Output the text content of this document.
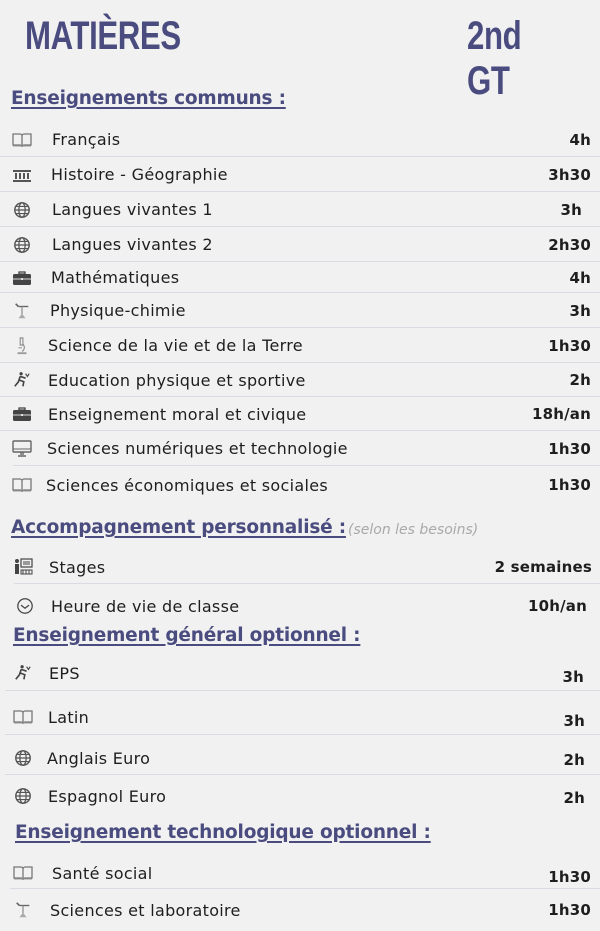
MATIÈRES	2nd GT
Enseignements communs :
Français	4h
Histoire - Géographie	3h30
Langues vivantes 1	3h
Langues vivantes 2	2h30
Mathématiques	4h
Physique-chimie	3h
Science de la vie et de la Terre	1h30
Education physique et sportive	2h
Enseignement moral et civique	18h/an
Sciences numériques et technologie	1h30
Sciences économiques et sociales	1h30
Accompagnement personnalisé : (selon les besoins)
Stages	2 semaines
Heure de vie de classe	10h/an
Enseignement général optionnel :
EPS	3h
Latin	3h
Anglais Euro	2h
Espagnol Euro	2h
Enseignement technologique optionnel :
Santé social	1h30
Sciences et laboratoire	1h30
